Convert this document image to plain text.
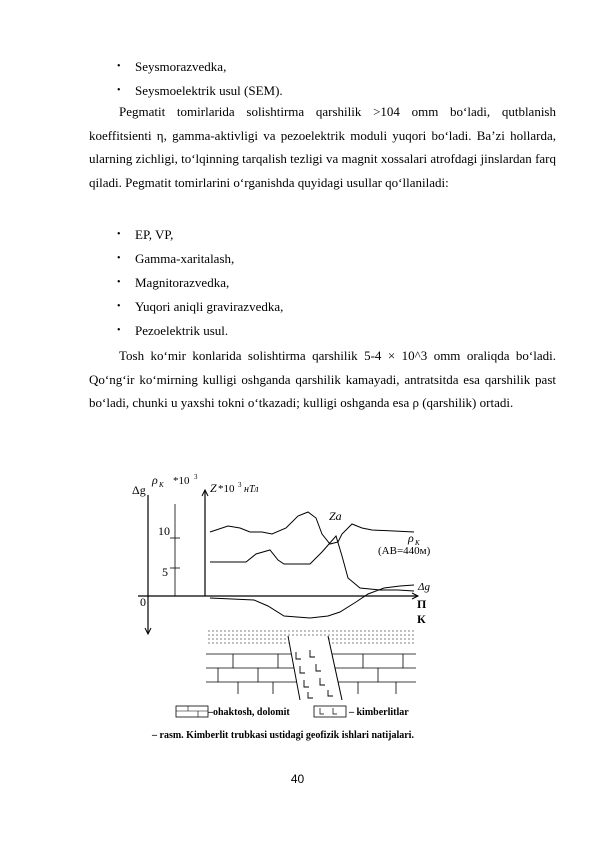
• Seysmorazvedka,
• Seysmoelektrik usul (SEM).

Pegmatit tomirlarida solishtirma qarshilik >104 omm bo‘ladi, qutblanish koeffitsienti η, gamma-aktivligi va pezoelektrik moduli yuqori bo‘ladi. Ba’zi hollarda, ularning zichligi, to‘lqinning tarqalish tezligi va magnit xossalari atrofdagi jinslardan farq qiladi. Pegmatit tomirlarini o‘rganishda quyidagi usullar qo‘llaniladi:

• EP, VP,
• Gamma-xaritalash,
• Magnitorazvedka,
• Yuqori aniqli gravirazvedka,
• Pezoelektrik usul.

Tosh ko‘mir konlarida solishtirma qarshilik 5-4 × 10^3 omm oraliqda bo‘ladi. Qo‘ng‘ir ko‘mirning kulligi oshganda qarshilik kamayadi, antratsitda esa qarshilik past bo‘ladi, chunki u yaxshi tokni o‘tkazadi; kulligi oshganda esa ρ (qarshilik) ortadi.

Δg
ρ K *10 3
Z *10 3 нТл
10
5
0
Za
ρ K
(AB=440м)
Δg
П
К
–ohaktosh, dolomit	– kimberlitlar
– rasm. Kimberlit trubkasi ustidagi geofizik ishlari natijalari.
40
